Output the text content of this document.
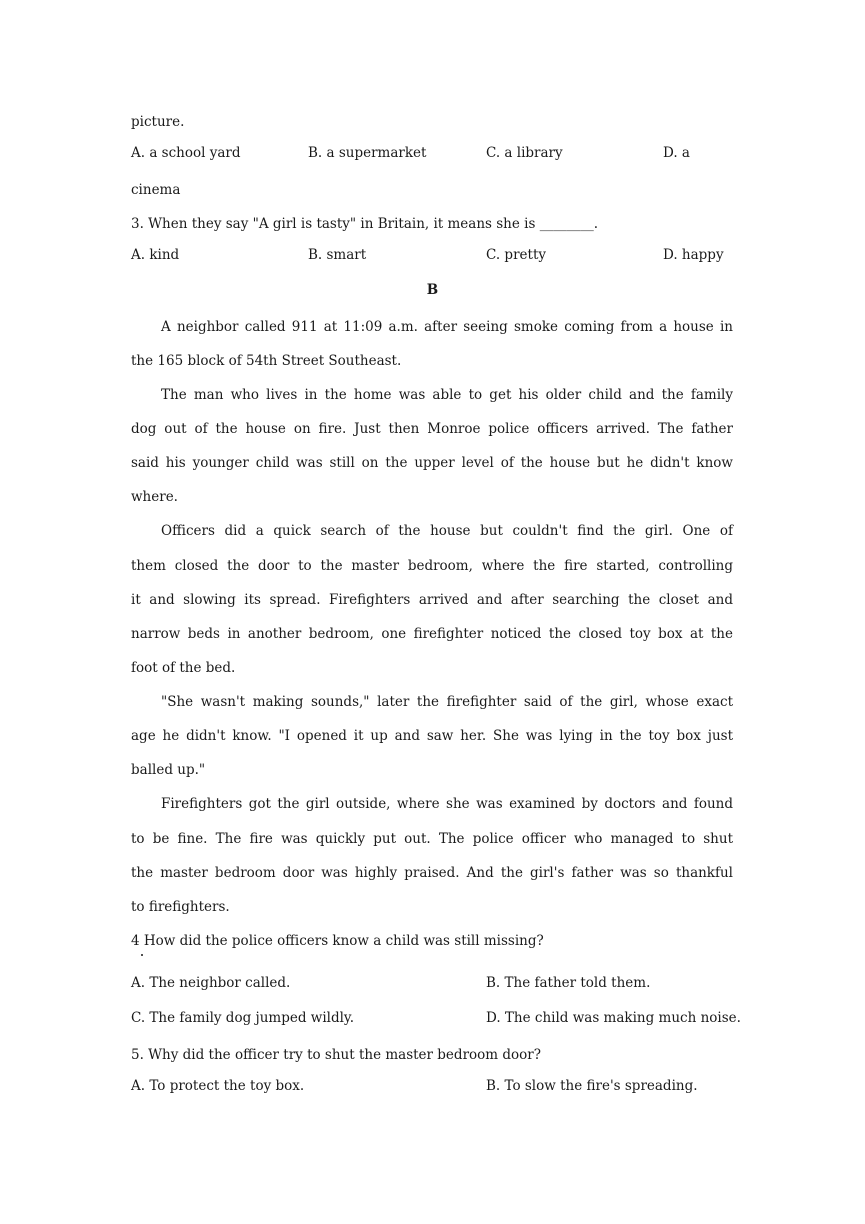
picture.
A. a school yard	B. a supermarket	C. a library	D. a
cinema
3. When they say "A girl is tasty" in Britain, it means she is ________.
A. kind	B. smart	C. pretty	D. happy
B
A neighbor called 911 at 11:09 a.m. after seeing smoke coming from a house in
the 165 block of 54th Street Southeast.
The man who lives in the home was able to get his older child and the family
dog out of the house on fire. Just then Monroe police officers arrived. The father
said his younger child was still on the upper level of the house but he didn't know
where.
Officers did a quick search of the house but couldn't find the girl. One of
them closed the door to the master bedroom, where the fire started, controlling
it and slowing its spread. Firefighters arrived and after searching the closet and
narrow beds in another bedroom, one firefighter noticed the closed toy box at the
foot of the bed.
"She wasn't making sounds," later the firefighter said of the girl, whose exact
age he didn't know. "I opened it up and saw her. She was lying in the toy box just
balled up."
Firefighters got the girl outside, where she was examined by doctors and found
to be fine. The fire was quickly put out. The police officer who managed to shut
the master bedroom door was highly praised. And the girl's father was so thankful
to firefighters.
4 How did the police officers know a child was still missing?
A. The neighbor called.	B. The father told them.
C. The family dog jumped wildly.	D. The child was making much noise.
5. Why did the officer try to shut the master bedroom door?
A. To protect the toy box.	B. To slow the fire's spreading.
